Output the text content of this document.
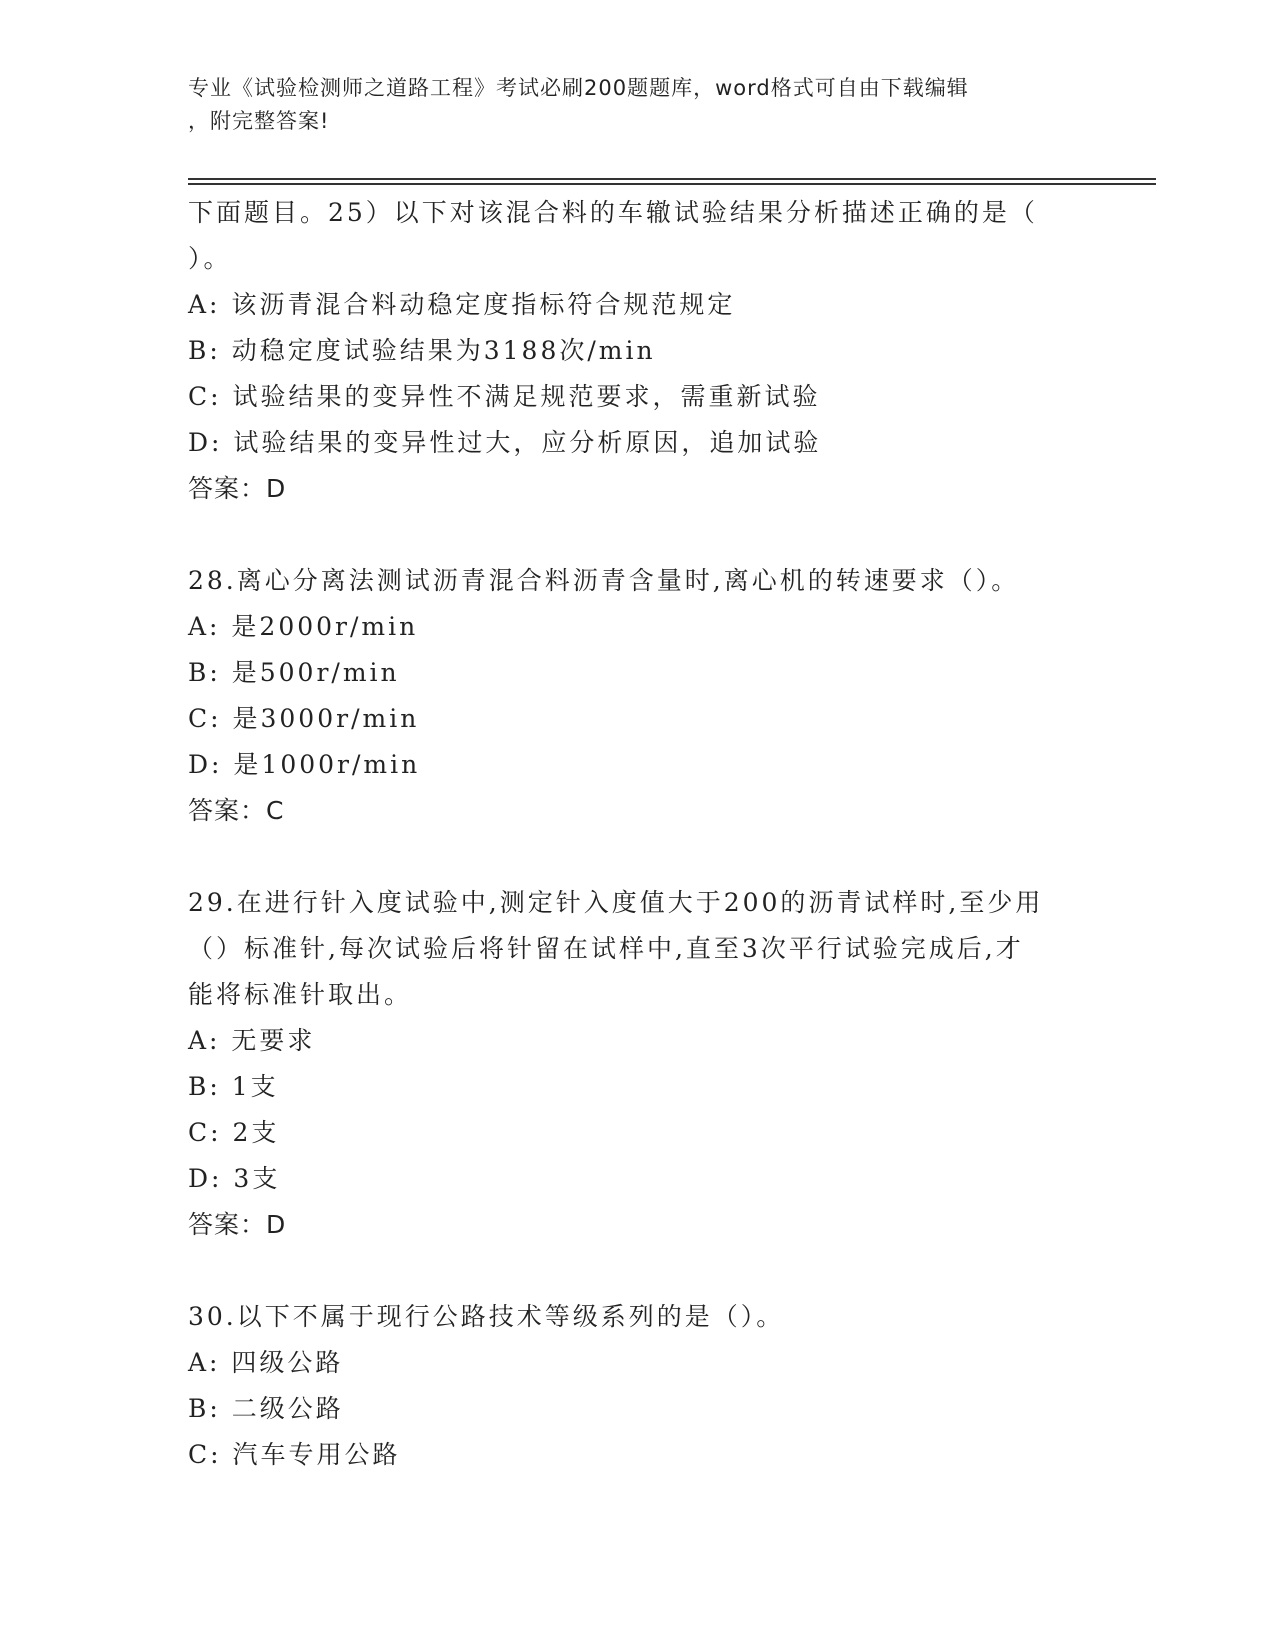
专业《试验检测师之道路工程》考试必刷200题题库，word格式可自由下载编辑
，附完整答案!
下面题目。25）以下对该混合料的车辙试验结果分析描述正确的是（
）。
A: 该沥青混合料动稳定度指标符合规范规定
B: 动稳定度试验结果为3188次/min
C: 试验结果的变异性不满足规范要求，需重新试验
D: 试验结果的变异性过大，应分析原因，追加试验
答案：D
28.离心分离法测试沥青混合料沥青含量时,离心机的转速要求（）。
A: 是2000r/min
B: 是500r/min
C: 是3000r/min
D: 是1000r/min
答案：C
29.在进行针入度试验中,测定针入度值大于200的沥青试样时,至少用
（）标准针,每次试验后将针留在试样中,直至3次平行试验完成后,才
能将标准针取出。
A: 无要求
B: 1支
C: 2支
D: 3支
答案：D
30.以下不属于现行公路技术等级系列的是（）。
A: 四级公路
B: 二级公路
C: 汽车专用公路
